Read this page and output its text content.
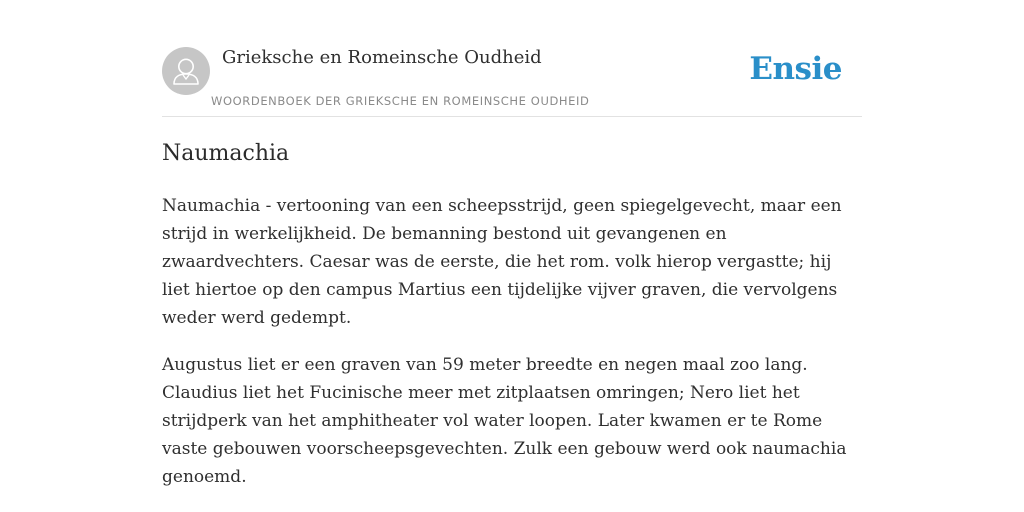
Grieksche en Romeinsche Oudheid
WOORDENBOEK DER GRIEKSCHE EN ROMEINSCHE OUDHEID
Ensie
Naumachia

Naumachia - vertooning van een scheepsstrijd, geen spiegelgevecht, maar een strijd in werkelijkheid. De bemanning bestond uit gevangenen en zwaardvechters. Caesar was de eerste, die het rom. volk hierop vergastte; hij liet hiertoe op den campus Martius een tijdelijke vijver graven, die vervolgens weder werd gedempt.

Augustus liet er een graven van 59 meter breedte en negen maal zoo lang. Claudius liet het Fucinische meer met zitplaatsen omringen; Nero liet het strijdperk van het amphitheater vol water loopen. Later kwamen er te Rome vaste gebouwen voorscheepsgevechten. Zulk een gebouw werd ook naumachia genoemd.
